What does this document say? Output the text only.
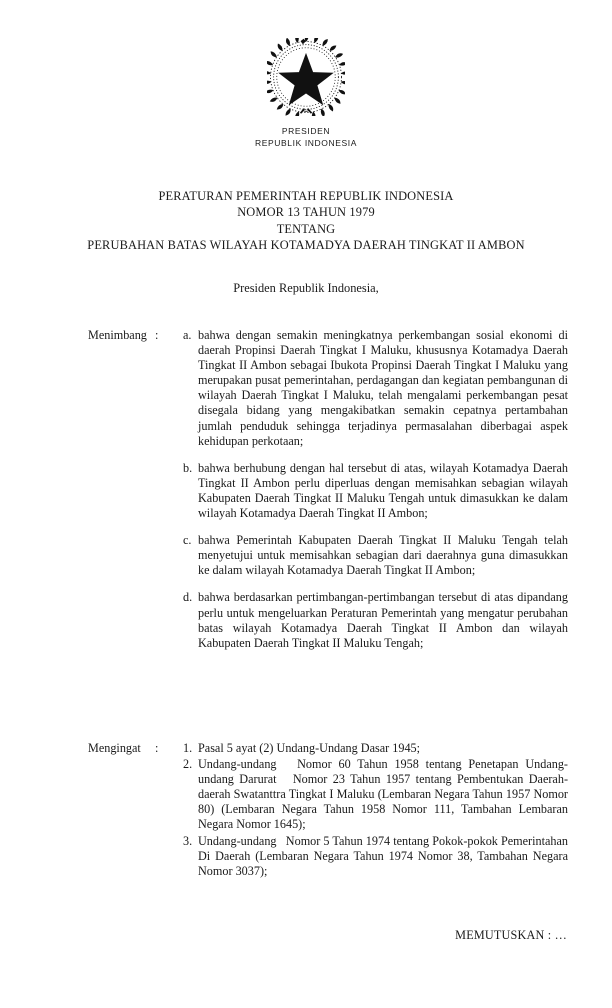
PRESIDEN
REPUBLIK INDONESIA
PERATURAN PEMERINTAH REPUBLIK INDONESIA
NOMOR 13 TAHUN 1979
TENTANG
PERUBAHAN BATAS WILAYAH KOTAMADYA DAERAH TINGKAT II AMBON
Presiden Republik Indonesia,
Menimbang :	a. bahwa dengan semakin meningkatnya perkembangan sosial ekonomi di daerah Propinsi Daerah Tingkat I Maluku, khususnya Kotamadya Daerah Tingkat II Ambon sebagai Ibukota Propinsi Daerah Tingkat I Maluku yang merupakan pusat pemerintahan, perdagangan dan kegiatan pembangunan di wilayah Daerah Tingkat I Maluku, telah mengalami perkembangan pesat disegala bidang yang mengakibatkan semakin cepatnya pertambahan jumlah penduduk sehingga terjadinya permasalahan diberbagai aspek kehidupan perkotaan;
b. bahwa berhubung dengan hal tersebut di atas, wilayah Kotamadya Daerah Tingkat II Ambon perlu diperluas dengan memisahkan sebagian wilayah Kabupaten Daerah Tingkat II Maluku Tengah untuk dimasukkan ke dalam wilayah Kotamadya Daerah Tingkat II Ambon;
c. bahwa Pemerintah Kabupaten Daerah Tingkat II Maluku Tengah telah menyetujui untuk memisahkan sebagian dari daerahnya guna dimasukkan ke dalam wilayah Kotamadya Daerah Tingkat II Ambon;
d. bahwa berdasarkan pertimbangan-pertimbangan tersebut di atas dipandang perlu untuk mengeluarkan Peraturan Pemerintah yang mengatur perubahan batas wilayah Kotamadya Daerah Tingkat II Ambon dan wilayah Kabupaten Daerah Tingkat II Maluku Tengah;
Mengingat	:	1. Pasal 5 ayat (2) Undang-Undang Dasar 1945;
2. Undang-undang   Nomor 60 Tahun 1958 tentang Penetapan Undang-undang Darurat   Nomor 23 Tahun 1957 tentang Pembentukan Daerah-daerah Swatanttra Tingkat I Maluku (Lembaran Negara Tahun 1957 Nomor 80) (Lembaran Negara Tahun 1958 Nomor 111, Tambahan Lembaran Negara Nomor 1645);
3. Undang-undang   Nomor 5 Tahun 1974 tentang Pokok-pokok Pemerintahan Di Daerah (Lembaran Negara Tahun 1974 Nomor 38, Tambahan Negara Nomor 3037);
MEMUTUSKAN : …
